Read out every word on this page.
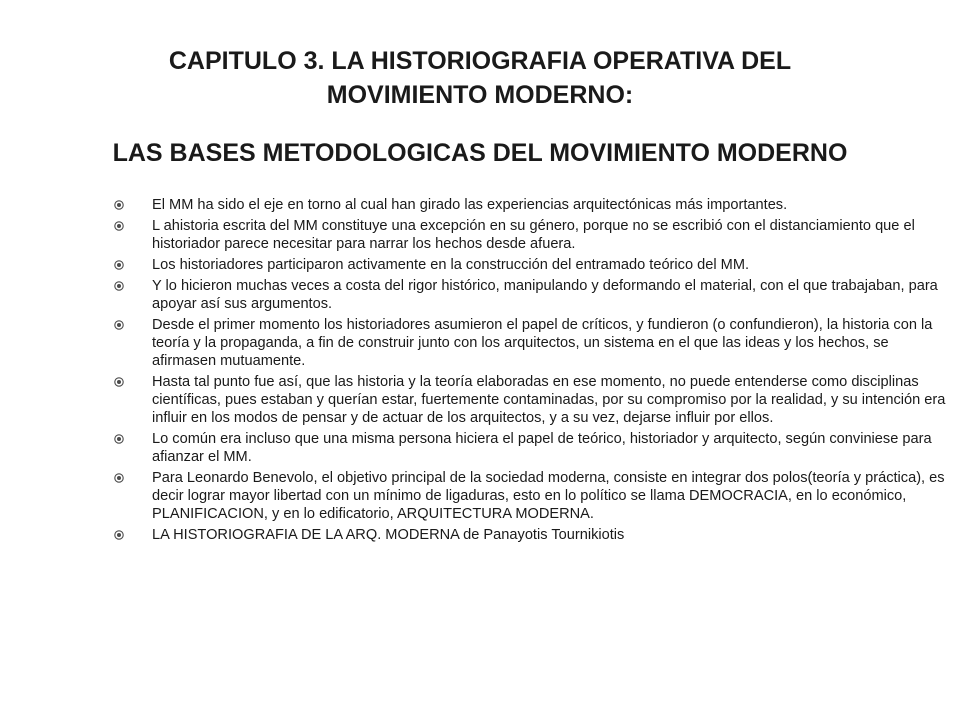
CAPITULO 3. LA HISTORIOGRAFIA OPERATIVA DEL
MOVIMIENTO MODERNO:
LAS BASES METODOLOGICAS DEL MOVIMIENTO MODERNO
El MM ha sido el eje en torno al cual han girado las experiencias arquitectónicas más importantes.
L ahistoria escrita del MM constituye una excepción en su género, porque no se escribió con el distanciamiento que el historiador parece necesitar para narrar los hechos desde afuera.
Los historiadores participaron activamente en la construcción del entramado teórico del MM.
Y lo hicieron muchas veces a costa del rigor histórico, manipulando y deformando el material, con el que trabajaban, para apoyar así sus argumentos.
Desde el primer momento los historiadores asumieron el papel de críticos, y fundieron (o confundieron), la historia con la teoría y la propaganda, a fin de construir junto con los arquitectos, un sistema en el que las ideas y los hechos, se afirmasen mutuamente.
Hasta tal punto fue así, que las historia y la teoría elaboradas en ese momento, no puede entenderse como disciplinas científicas, pues estaban y querían estar, fuertemente contaminadas, por su compromiso por la realidad, y su intención era influir en los modos de pensar y de actuar de los arquitectos, y a su vez, dejarse influir por ellos.
Lo común era incluso que una misma persona hiciera el papel de teórico, historiador y arquitecto, según conviniese para afianzar el MM.
Para Leonardo Benevolo, el objetivo principal de la sociedad moderna, consiste en integrar dos polos(teoría y práctica), es decir lograr mayor libertad con un mínimo de ligaduras, esto en lo político se llama DEMOCRACIA, en lo económico, PLANIFICACION, y en lo edificatorio, ARQUITECTURA MODERNA.
LA HISTORIOGRAFIA DE LA ARQ. MODERNA de Panayotis Tournikiotis
